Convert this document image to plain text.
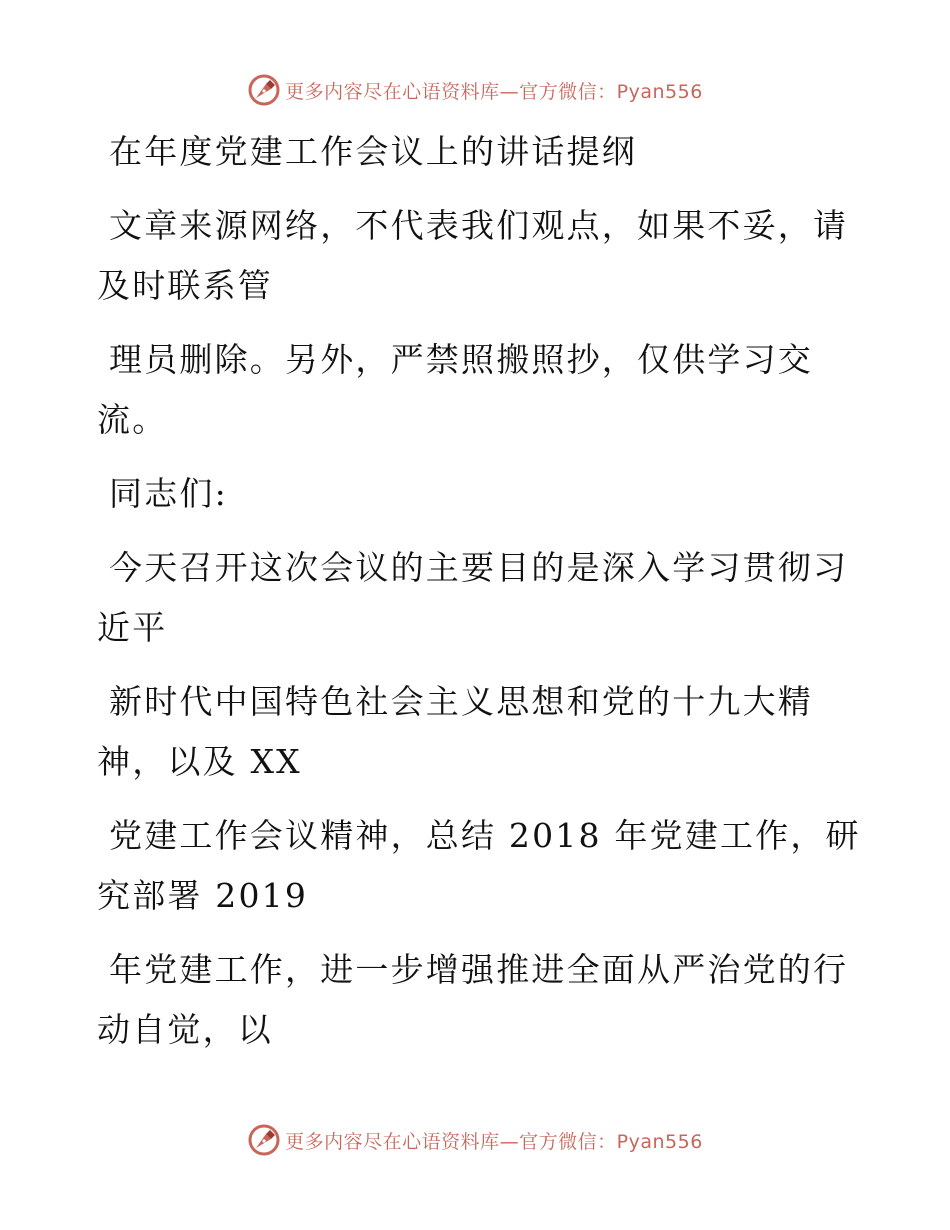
更多内容尽在心语资料库—官方微信：Pyan556
在年度党建工作会议上的讲话提纲
文章来源网络，不代表我们观点，如果不妥，请
及时联系管
理员删除。另外，严禁照搬照抄，仅供学习交
流。
同志们:
今天召开这次会议的主要目的是深入学习贯彻习
近平
新时代中国特色社会主义思想和党的十九大精
神，以及 XX
党建工作会议精神，总结 2018 年党建工作，研
究部署 2019
年党建工作，进一步增强推进全面从严治党的行
动自觉，以
更多内容尽在心语资料库—官方微信：Pyan556
